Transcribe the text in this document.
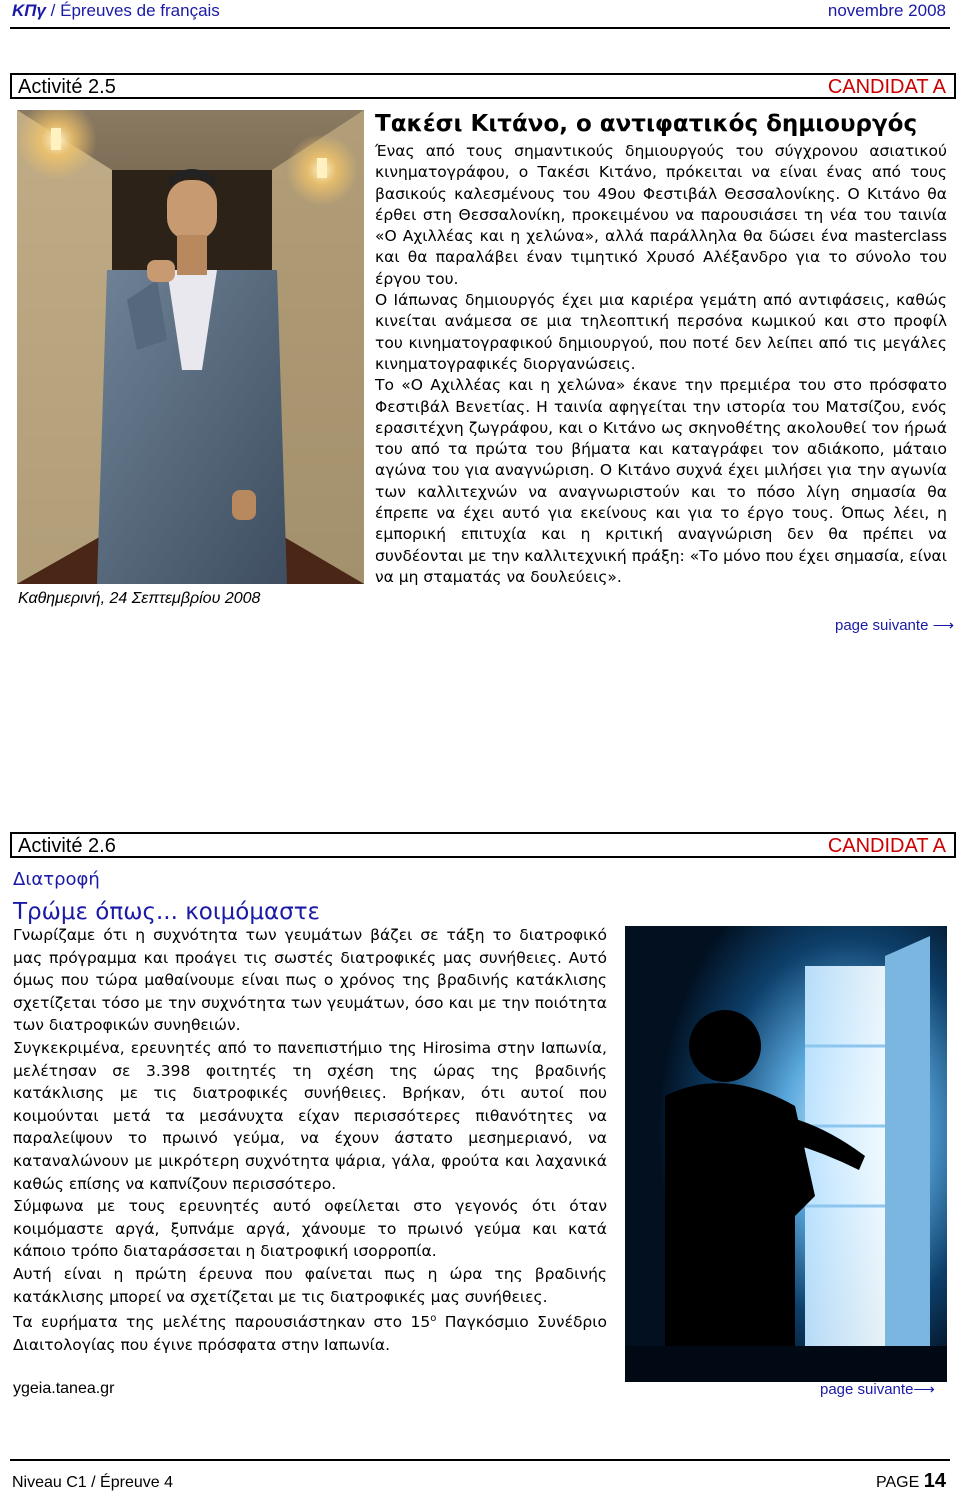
ΚΠγ / Épreuves de français	novembre 2008
Activité 2.5	CANDIDAT A
Καθημερινή, 24 Σεπτεμβρίου 2008
Τακέσι Κιτάνο, ο αντιφατικός δημιουργός

Ένας από τους σημαντικούς δημιουργούς του σύγχρονου ασιατικού κινηματογράφου, ο Τακέσι Κιτάνο, πρόκειται να είναι ένας από τους βασικούς καλεσμένους του 49ου Φεστιβάλ Θεσσαλονίκης. Ο Κιτάνο θα έρθει στη Θεσσαλονίκη, προκειμένου να παρουσιάσει τη νέα του ταινία «Ο Αχιλλέας και η χελώνα», αλλά παράλληλα θα δώσει ένα masterclass και θα παραλάβει έναν τιμητικό Χρυσό Αλέξανδρο για το σύνολο του έργου του.

Ο Ιάπωνας δημιουργός έχει μια καριέρα γεμάτη από αντιφάσεις, καθώς κινείται ανάμεσα σε μια τηλεοπτική περσόνα κωμικού και στο προφίλ του κινηματογραφικού δημιουργού, που ποτέ δεν λείπει από τις μεγάλες κινηματογραφικές διοργανώσεις.

Το «Ο Αχιλλέας και η χελώνα» έκανε την πρεμιέρα του στο πρόσφατο Φεστιβάλ Βενετίας. Η ταινία αφηγείται την ιστορία του Ματσίζου, ενός ερασιτέχνη ζωγράφου, και ο Κιτάνο ως σκηνοθέτης ακολουθεί τον ήρωά του από τα πρώτα του βήματα και καταγράφει τον αδιάκοπο, μάταιο αγώνα του για αναγνώριση. Ο Κιτάνο συχνά έχει μιλήσει για την αγωνία των καλλιτεχνών να αναγνωριστούν και το πόσο λίγη σημασία θα έπρεπε να έχει αυτό για εκείνους και για το έργο τους. Όπως λέει, η εμπορική επιτυχία και η κριτική αναγνώριση δεν θα πρέπει να συνδέονται με την καλλιτεχνική πράξη: «Το μόνο που έχει σημασία, είναι να μη σταματάς να δουλεύεις».

page suivante ⟶
Activité 2.6	CANDIDAT A
Διατροφή
Τρώμε όπως... κοιμόμαστε

Γνωρίζαμε ότι η συχνότητα των γευμάτων βάζει σε τάξη το διατροφικό μας πρόγραμμα και προάγει τις σωστές διατροφικές μας συνήθειες. Αυτό όμως που τώρα μαθαίνουμε είναι πως ο χρόνος της βραδινής κατάκλισης σχετίζεται τόσο με την συχνότητα των γευμάτων, όσο και με την ποιότητα των διατροφικών συνηθειών.

Συγκεκριμένα, ερευνητές από το πανεπιστήμιο της Hirosima στην Ιαπωνία, μελέτησαν σε 3.398 φοιτητές τη σχέση της ώρας της βραδινής κατάκλισης με τις διατροφικές συνήθειες. Βρήκαν, ότι αυτοί που κοιμούνται μετά τα μεσάνυχτα είχαν περισσότερες πιθανότητες να παραλείψουν το πρωινό γεύμα, να έχουν άστατο μεσημεριανό, να καταναλώνουν με μικρότερη συχνότητα ψάρια, γάλα, φρούτα και λαχανικά καθώς επίσης να καπνίζουν περισσότερο.

Σύμφωνα με τους ερευνητές αυτό οφείλεται στο γεγονός ότι όταν κοιμόμαστε αργά, ξυπνάμε αργά, χάνουμε το πρωινό γεύμα και κατά κάποιο τρόπο διαταράσσεται η διατροφική ισορροπία.

Αυτή είναι η πρώτη έρευνα που φαίνεται πως η ώρα της βραδινής κατάκλισης μπορεί να σχετίζεται με τις διατροφικές μας συνήθειες.

Τα ευρήματα της μελέτης παρουσιάστηκαν στο $15^o$ Παγκόσμιο Συνέδριο Διαιτολογίας που έγινε πρόσφατα στην Ιαπωνία.

ygeia.tanea.gr	page suivante⟶
Niveau C1 / Épreuve 4	PAGE 14
